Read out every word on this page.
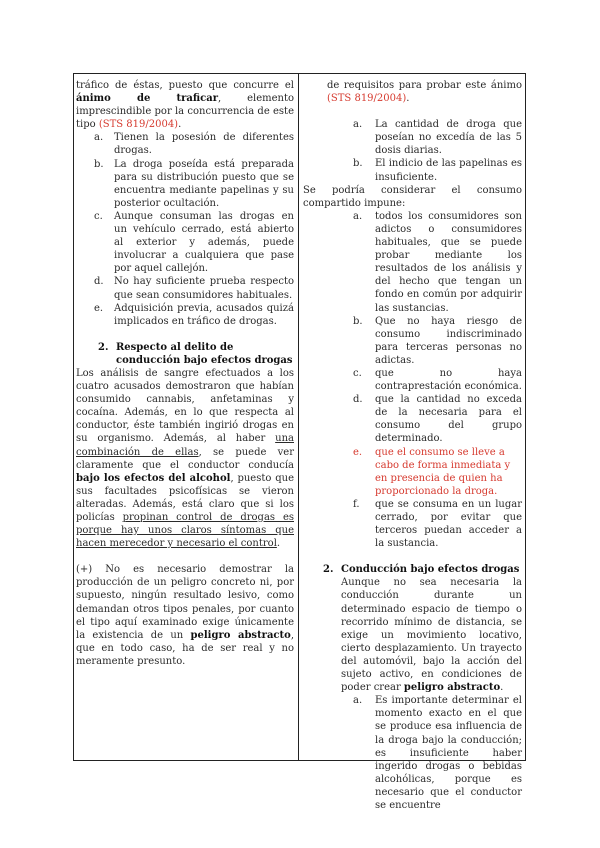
tráfico de éstas, puesto que concurre el ánimo de traficar, elemento imprescindible por la concurrencia de este tipo (STS 819/2004).

a.	Tienen la posesión de diferentes drogas.
b.	La droga poseída está preparada para su distribución puesto que se encuentra mediante papelinas y su posterior ocultación.
c.	Aunque consuman las drogas en un vehículo cerrado, está abierto al exterior y además, puede involucrar a cualquiera que pase por aquel callejón.
d.	No hay suficiente prueba respecto que sean consumidores habituales.
e.	Adquisición previa, acusados quizá implicados en tráfico de drogas.
2. Respecto al delito de conducción bajo efectos drogas

Los análisis de sangre efectuados a los cuatro acusados demostraron que habían consumido cannabis, anfetaminas y cocaína. Además, en lo que respecta al conductor, éste también ingirió drogas en su organismo. Además, al haber una combinación de ellas, se puede ver claramente que el conductor conducía bajo los efectos del alcohol, puesto que sus facultades psicofísicas se vieron alteradas. Además, está claro que si los policías propinan control de drogas es porque hay unos claros síntomas que hacen merecedor y necesario el control.

(+) No es necesario demostrar la producción de un peligro concreto ni, por supuesto, ningún resultado lesivo, como demandan otros tipos penales, por cuanto el tipo aquí examinado exige únicamente la existencia de un peligro abstracto, que en todo caso, ha de ser real y no meramente presunto.

de requisitos para probar este ánimo (STS 819/2004).

a.	La cantidad de droga que poseían no excedía de las 5 dosis diarias.
b.	El indicio de las papelinas es insuficiente.

Se podría considerar el consumo compartido impune:

a.	todos los consumidores son adictos o consumidores habituales, que se puede probar mediante los resultados de los análisis y del hecho que tengan un fondo en común por adquirir las sustancias.
b.	Que no haya riesgo de consumo indiscriminado para terceras personas no adictas.
c.	que no haya contraprestación económica.
d.	que la cantidad no exceda de la necesaria para el consumo del grupo determinado.
e.	que el consumo se lleve a cabo de forma inmediata y en presencia de quien ha proporcionado la droga.
f.	que se consuma en un lugar cerrado, por evitar que terceros puedan acceder a la sustancia.
2. Conducción bajo efectos drogas

Aunque no sea necesaria la conducción durante un determinado espacio de tiempo o recorrido mínimo de distancia, se exige un movimiento locativo, cierto desplazamiento. Un trayecto del automóvil, bajo la acción del sujeto activo, en condiciones de poder crear peligro abstracto.

a.	Es importante determinar el momento exacto en el que se produce esa influencia de la droga bajo la conducción; es insuficiente haber ingerido drogas o bebidas alcohólicas, porque es necesario que el conductor se encuentre
